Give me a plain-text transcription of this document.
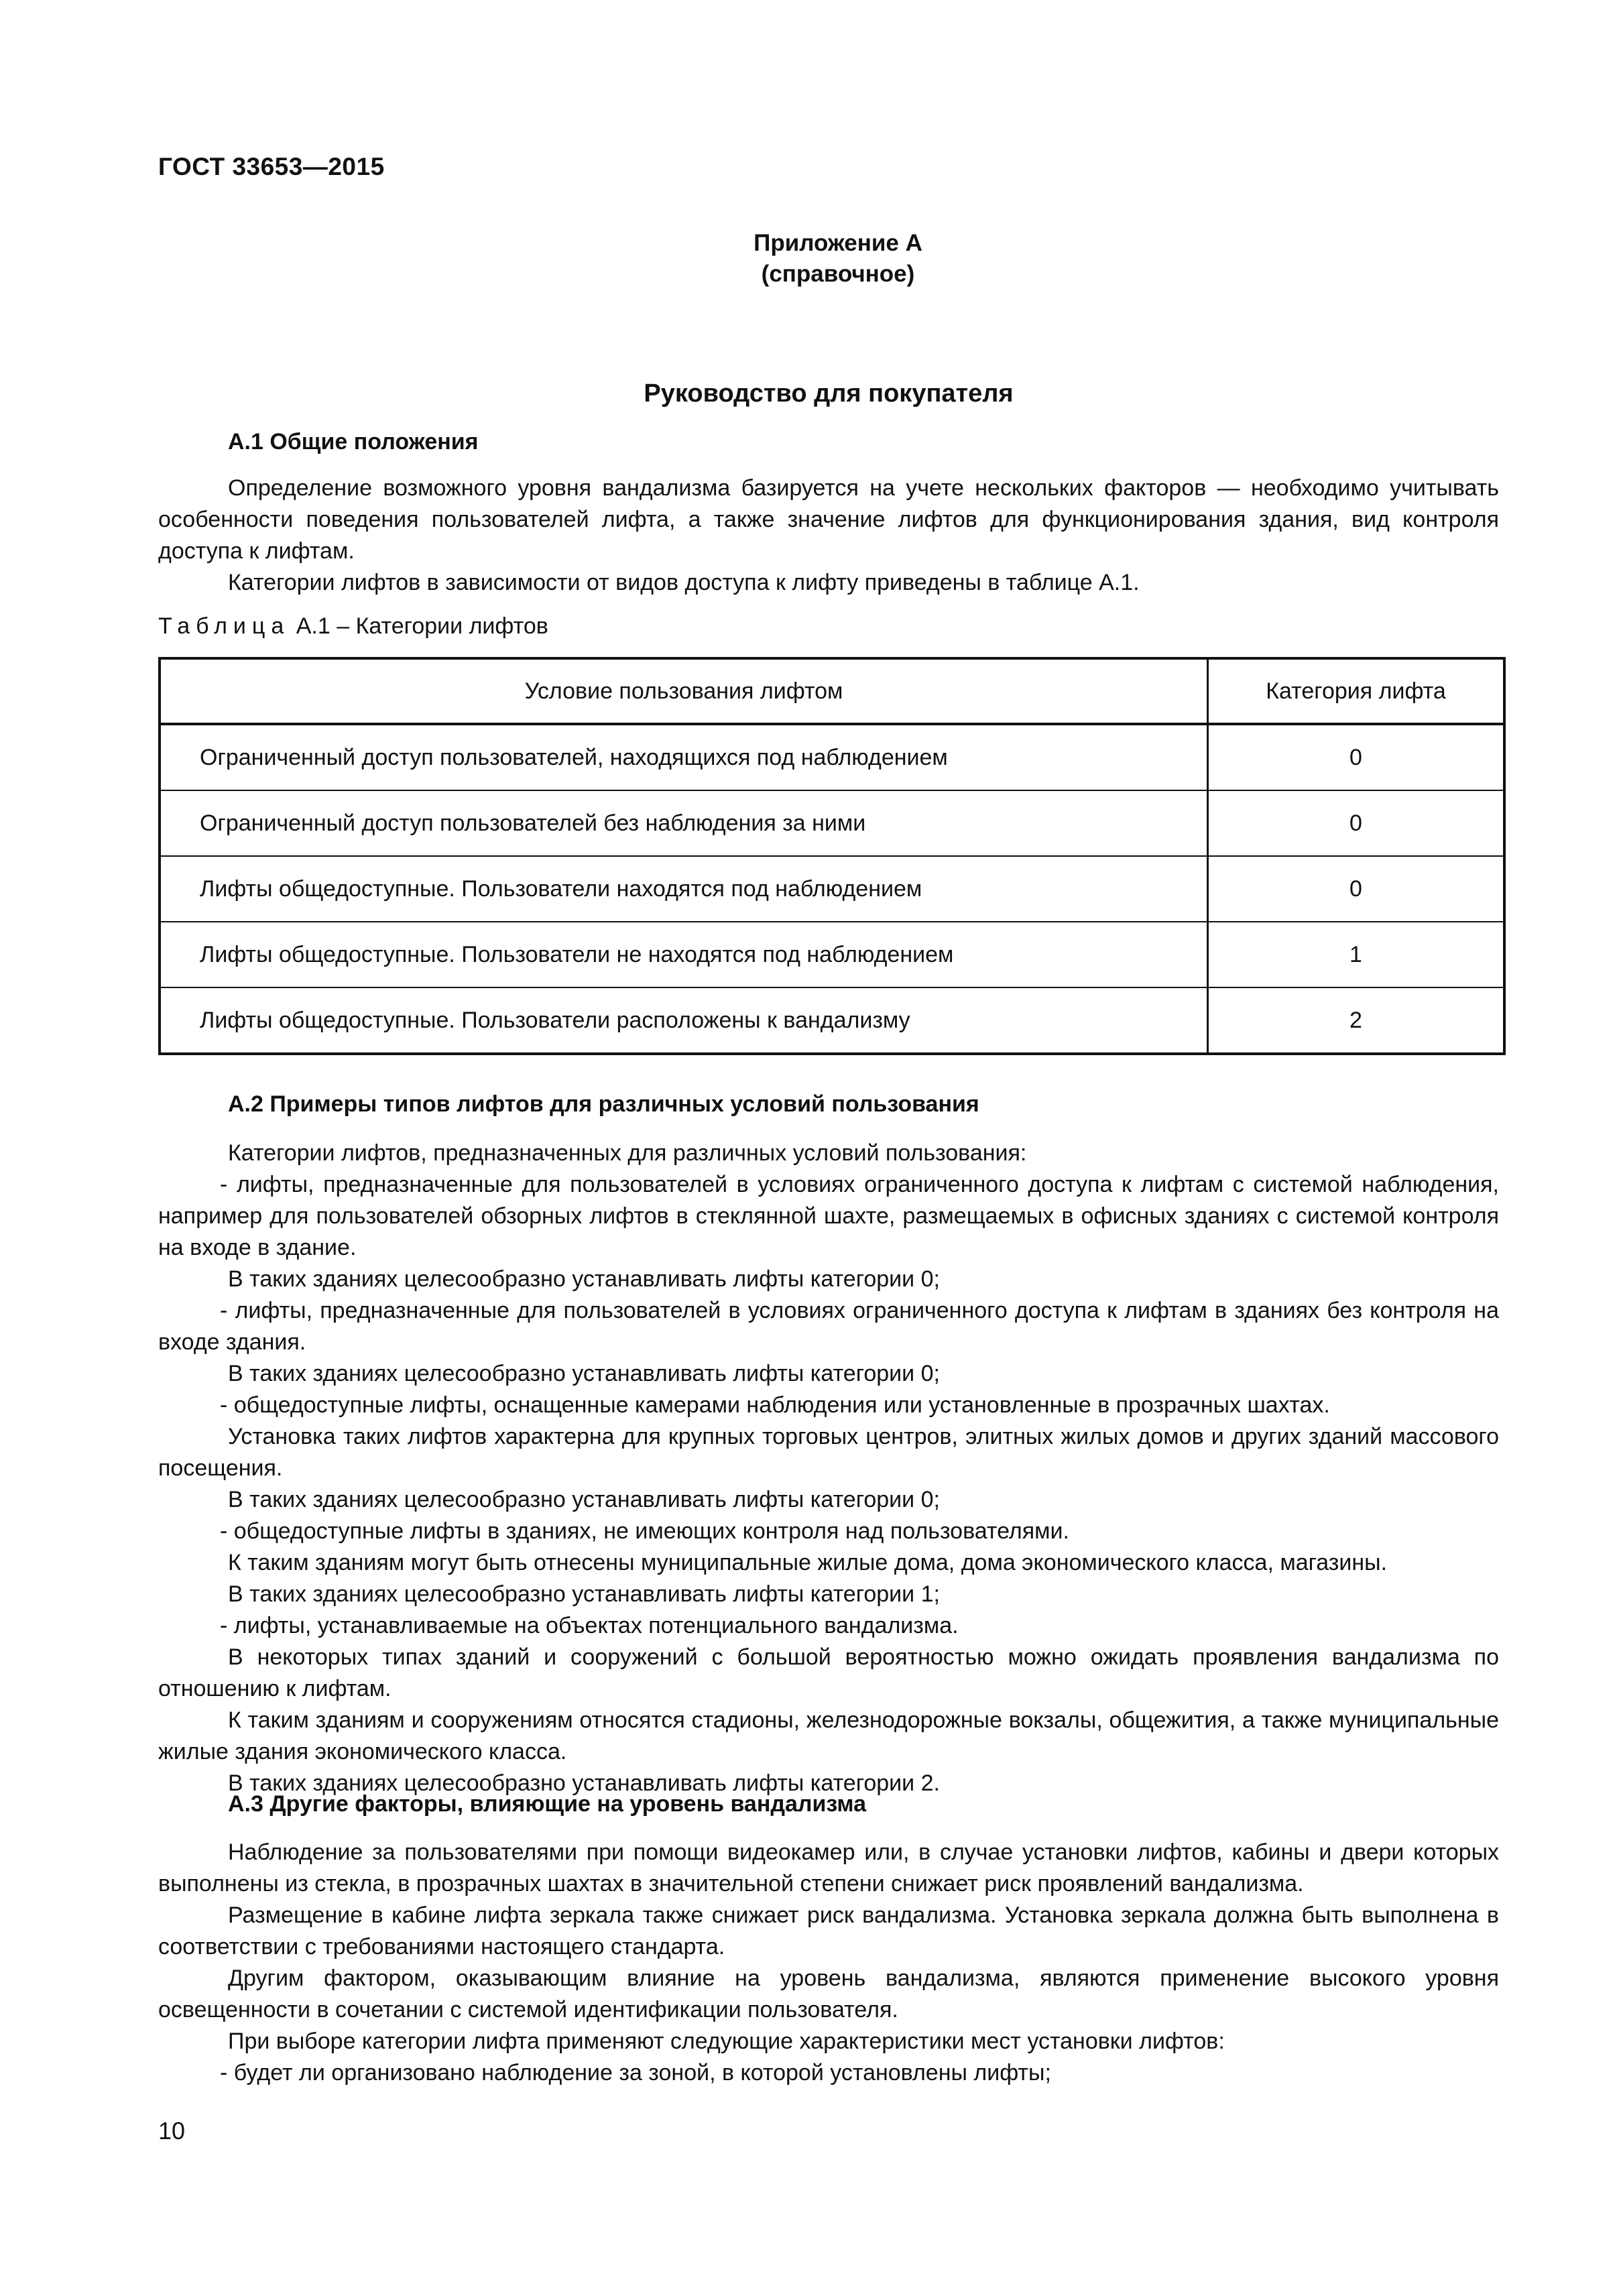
ГОСТ 33653—2015
Приложение А
(справочное)
Руководство для покупателя
А.1 Общие положения

Определение возможного уровня вандализма базируется на учете нескольких факторов — необходимо учитывать особенности поведения пользователей лифта, а также значение лифтов для функционирования здания, вид контроля доступа к лифтам.

Категории лифтов в зависимости от видов доступа к лифту приведены в таблице А.1.

Таблица А.1 – Категории лифтов
Условие пользования лифтом	Категория лифта
Ограниченный доступ пользователей, находящихся под наблюдением	0
Ограниченный доступ пользователей без наблюдения за ними	0
Лифты общедоступные. Пользователи находятся под наблюдением	0
Лифты общедоступные. Пользователи не находятся под наблюдением	1
Лифты общедоступные. Пользователи расположены к вандализму	2
А.2 Примеры типов лифтов для различных условий пользования

Категории лифтов, предназначенных для различных условий пользования:

- лифты, предназначенные для пользователей в условиях ограниченного доступа к лифтам с системой наблюдения, например для пользователей обзорных лифтов в стеклянной шахте, размещаемых в офисных зданиях с системой контроля на входе в здание.

В таких зданиях целесообразно устанавливать лифты категории 0;

- лифты, предназначенные для пользователей в условиях ограниченного доступа к лифтам в зданиях без контроля на входе здания.

В таких зданиях целесообразно устанавливать лифты категории 0;

- общедоступные лифты, оснащенные камерами наблюдения или установленные в прозрачных шахтах.

Установка таких лифтов характерна для крупных торговых центров, элитных жилых домов и других зданий массового посещения.

В таких зданиях целесообразно устанавливать лифты категории 0;

- общедоступные лифты в зданиях, не имеющих контроля над пользователями.

К таким зданиям могут быть отнесены муниципальные жилые дома, дома экономического класса, магазины.

В таких зданиях целесообразно устанавливать лифты категории 1;

- лифты, устанавливаемые на объектах потенциального вандализма.

В некоторых типах зданий и сооружений с большой вероятностью можно ожидать проявления вандализма по отношению к лифтам.

К таким зданиям и сооружениям относятся стадионы, железнодорожные вокзалы, общежития, а также муниципальные жилые здания экономического класса.

В таких зданиях целесообразно устанавливать лифты категории 2.

А.3 Другие факторы, влияющие на уровень вандализма

Наблюдение за пользователями при помощи видеокамер или, в случае установки лифтов, кабины и двери которых выполнены из стекла, в прозрачных шахтах в значительной степени снижает риск проявлений вандализма.

Размещение в кабине лифта зеркала также снижает риск вандализма. Установка зеркала должна быть выполнена в соответствии с требованиями настоящего стандарта.

Другим фактором, оказывающим влияние на уровень вандализма, являются применение высокого уровня освещенности в сочетании с системой идентификации пользователя.

При выборе категории лифта применяют следующие характеристики мест установки лифтов:

- будет ли организовано наблюдение за зоной, в которой установлены лифты;

10
